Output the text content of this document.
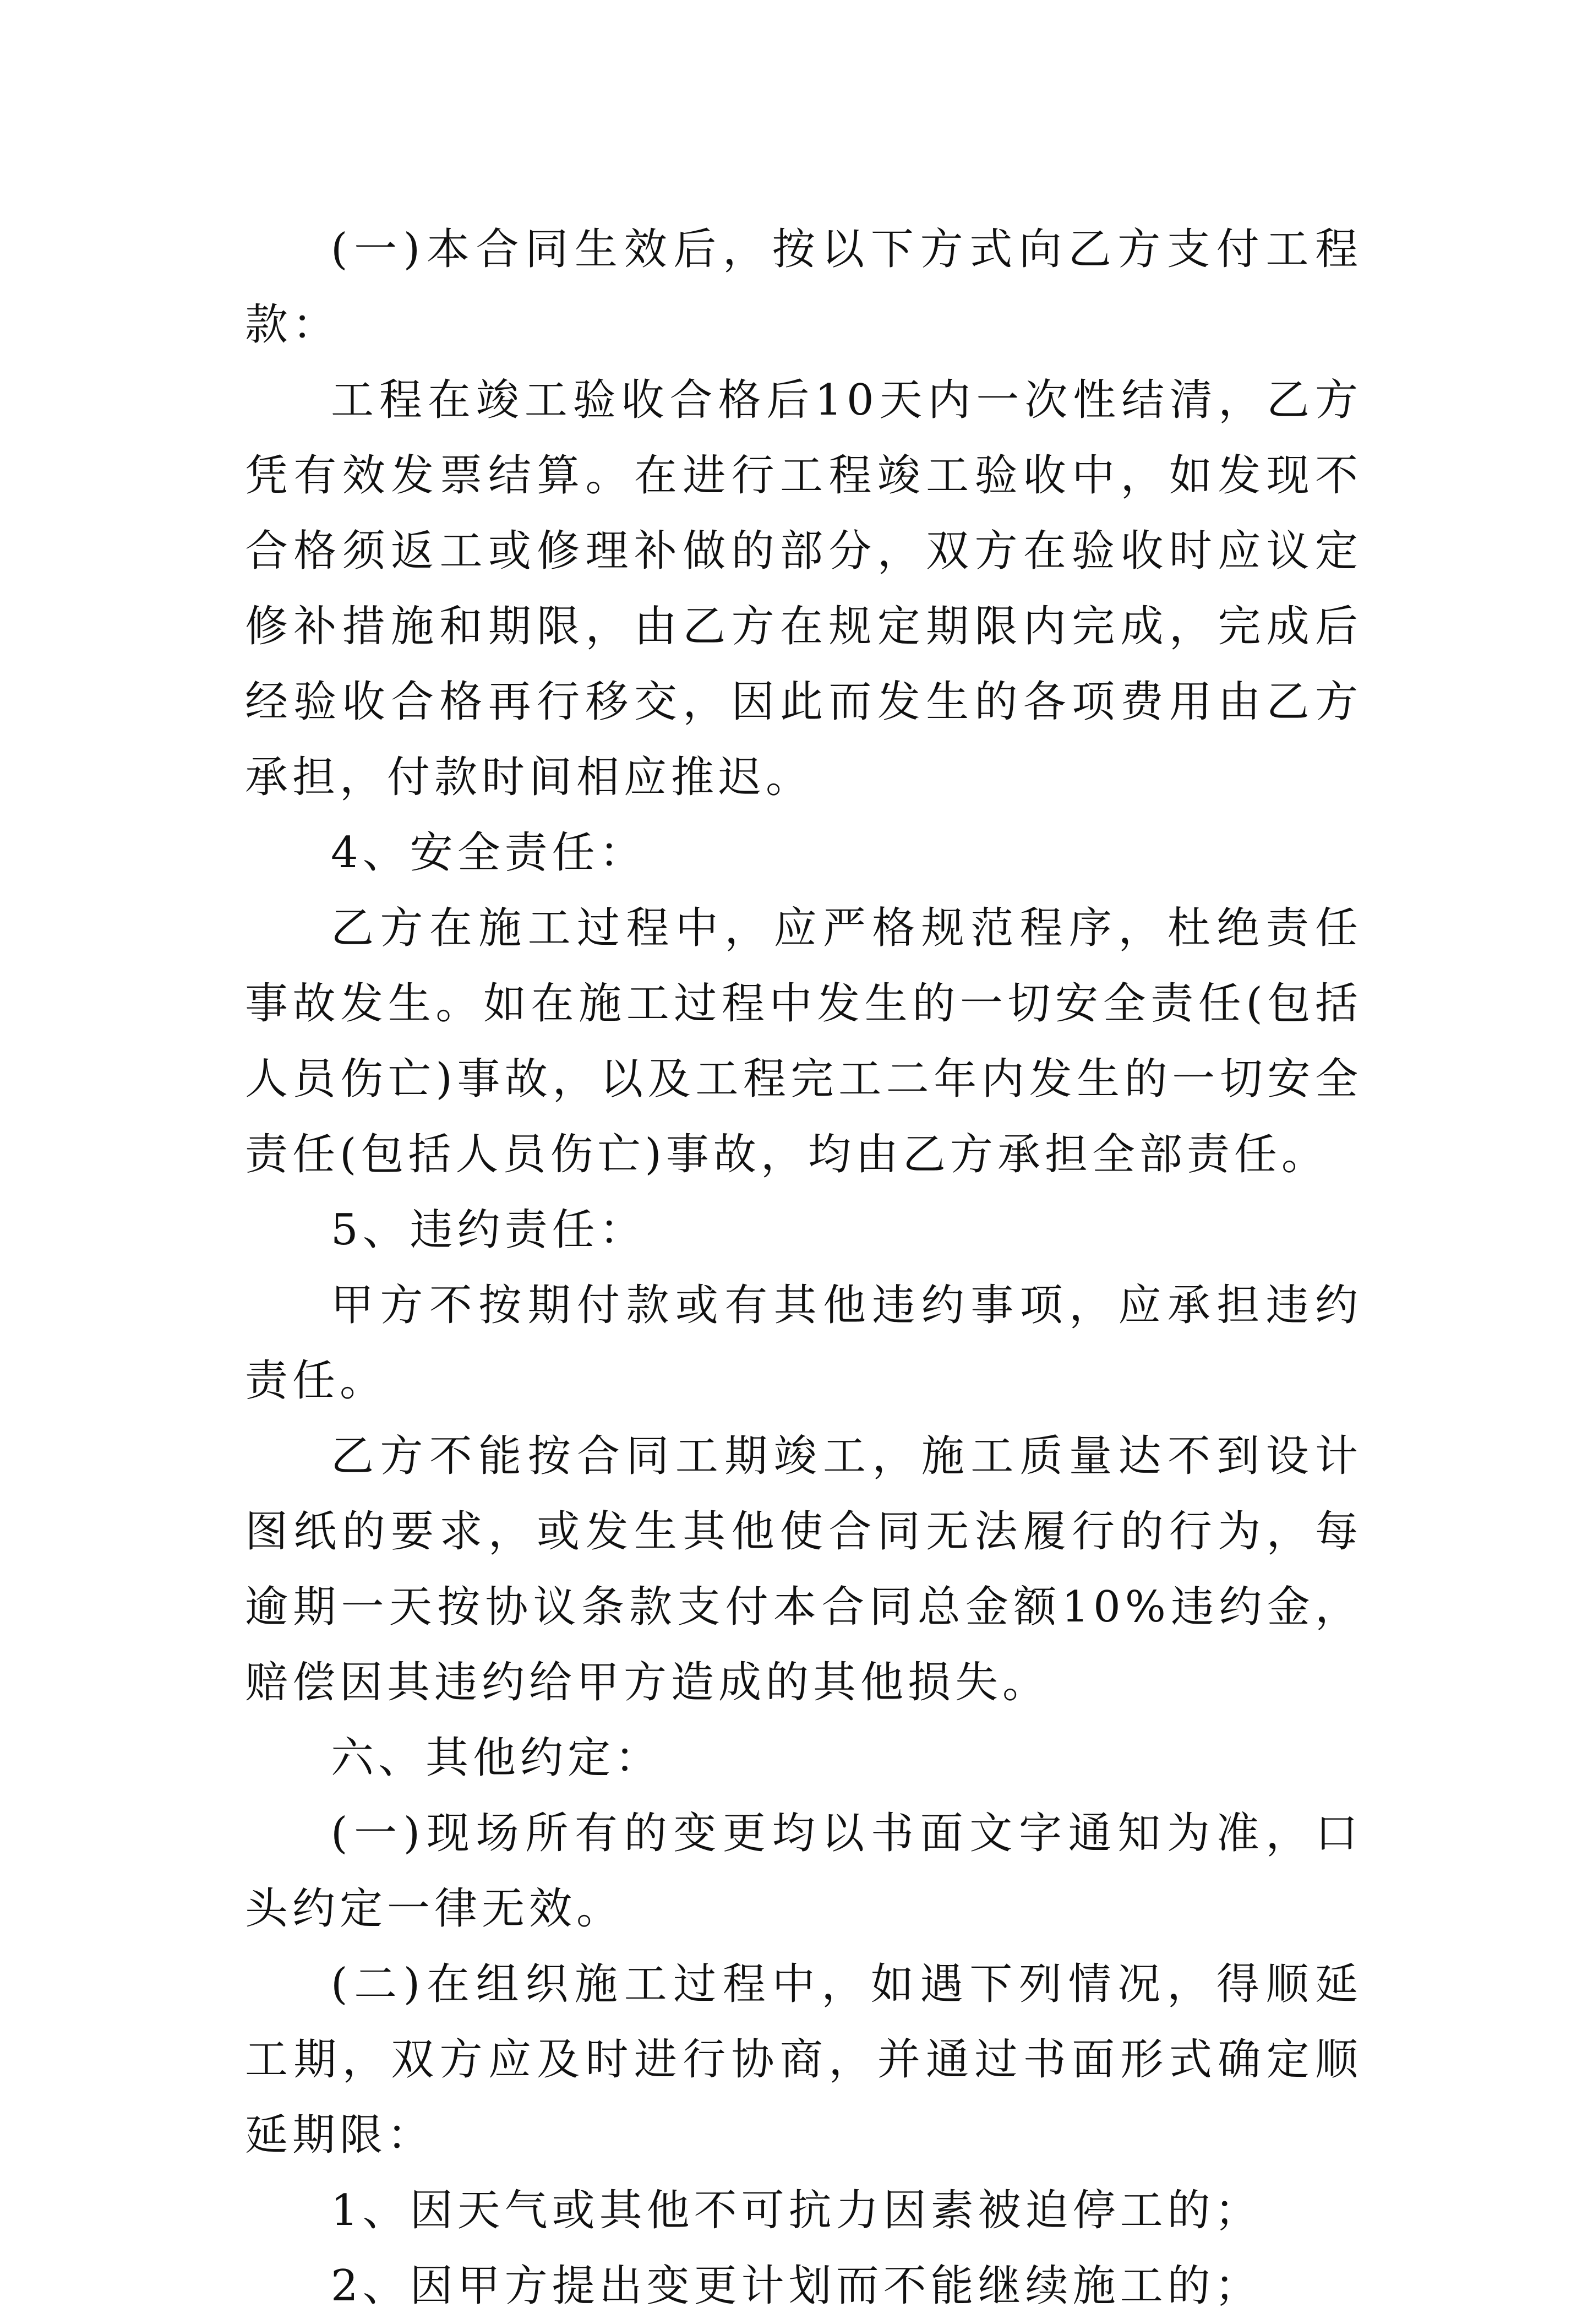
(一)本合同生效后，按以下方式向乙方支付工程款：

工程在竣工验收合格后10天内一次性结清，乙方凭有效发票结算。在进行工程竣工验收中，如发现不合格须返工或修理补做的部分，双方在验收时应议定修补措施和期限，由乙方在规定期限内完成，完成后经验收合格再行移交，因此而发生的各项费用由乙方承担，付款时间相应推迟。

4、安全责任：

乙方在施工过程中，应严格规范程序，杜绝责任事故发生。如在施工过程中发生的一切安全责任(包括人员伤亡)事故，以及工程完工二年内发生的一切安全责任(包括人员伤亡)事故，均由乙方承担全部责任。

5、违约责任：

甲方不按期付款或有其他违约事项，应承担违约责任。

乙方不能按合同工期竣工，施工质量达不到设计图纸的要求，或发生其他使合同无法履行的行为，每逾期一天按协议条款支付本合同总金额10%违约金，赔偿因其违约给甲方造成的其他损失。

六、其他约定：

(一)现场所有的变更均以书面文字通知为准，口头约定一律无效。

(二)在组织施工过程中，如遇下列情况，得顺延工期，双方应及时进行协商，并通过书面形式确定顺延期限：

1、因天气或其他不可抗力因素被迫停工的；

2、因甲方提出变更计划而不能继续施工的；
